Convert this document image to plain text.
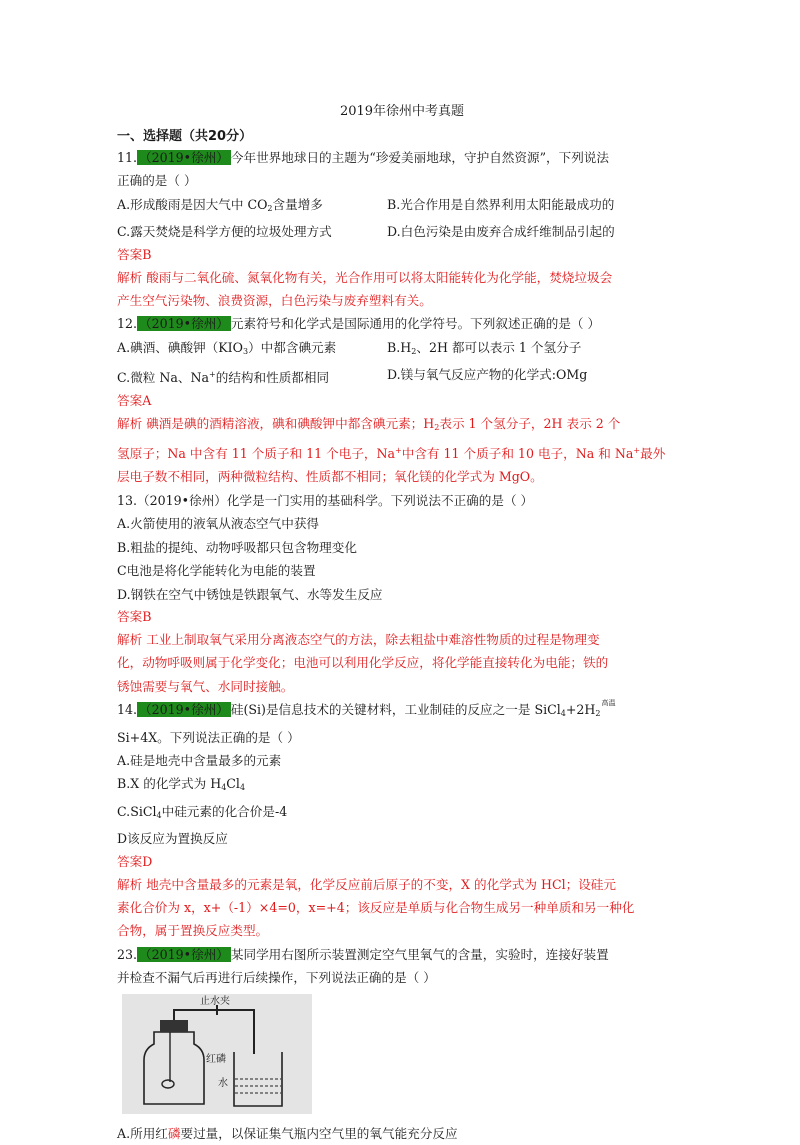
2019年徐州中考真题
一、选择题（共20分）
11. （2019•徐州） 今年世界地球日的主题为“珍爱美丽地球，守护自然资源”，下列说法
正确的是（ ）
A.形成酸雨是因大气中 $CO_2$含量增多	B.光合作用是自然界利用太阳能最成功的
C.露天焚烧是科学方便的垃圾处理方式	D.白色污染是由废弃合成纤维制品引起的
答案B
解析 酸雨与二氧化硫、氮氧化物有关，光合作用可以将太阳能转化为化学能，焚烧垃圾会
产生空气污染物、浪费资源，白色污染与废弃塑料有关。
12. （2019•徐州） 元素符号和化学式是国际通用的化学符号。下列叙述正确的是（ ）
A.碘酒、碘酸钾$(KIO_3)$中都含碘元素	$B.H_2$、2H 都可以表示 1 个氢分子
C.微粒 Na、Na+的结构和性质都相同	D.镁与氧气反应产物的化学式:OMg
答案A
解析 碘酒是碘的酒精溶液，碘和碘酸钾中都含碘元素；$H_2$表示 1 个氢分子，2H 表示 2 个
氢原子；Na 中含有 11 个质子和 11 个电子，Na+中含有 11 个质子和 10 电子，Na 和 Na+最外
层电子数不相同，两种微粒结构、性质都不相同；氧化镁的化学式为 MgO。
13.（2019•徐州）化学是一门实用的基础科学。下列说法不正确的是（ ）
A.火箭使用的液氧从液态空气中获得
B.粗盐的提纯、动物呼吸都只包含物理变化
C电池是将化学能转化为电能的装置
D.钢铁在空气中锈蚀是铁跟氧气、水等发生反应
答案B
解析 工业上制取氧气采用分离液态空气的方法，除去粗盐中难溶性物质的过程是物理变
化，动物呼吸则属于化学变化；电池可以利用化学反应，将化学能直接转化为电能；铁的
锈蚀需要与氧气、水同时接触。
14. （2019•徐州） 硅(Si)是信息技术的关键材料，工业制硅的反应之一是 $SiCl_4+2H_2$
高温

Si+4X。下列说法正确的是（ ）
A.硅是地壳中含量最多的元素
B.X 的化学式为 $H_4Cl_4$
C.SiCl$_4$中硅元素的化合价是-4
D该反应为置换反应
答案D
解析 地壳中含量最多的元素是氧，化学反应前后原子的不变，X 的化学式为 HCl；设硅元
素化合价为 x，x+（-1）×4=0，x=+4；该反应是单质与化合物生成另一种单质和另一种化
合物，属于置换反应类型。
23. （2019•徐州） 某同学用右图所示装置测定空气里氧气的含量，实验时，连接好装置
并检查不漏气后再进行后续操作，下列说法正确的是（ ）
止水夹
红磷
水
A.所用红磷要过量，以保证集气瓶内空气里的氧气能充分反应
